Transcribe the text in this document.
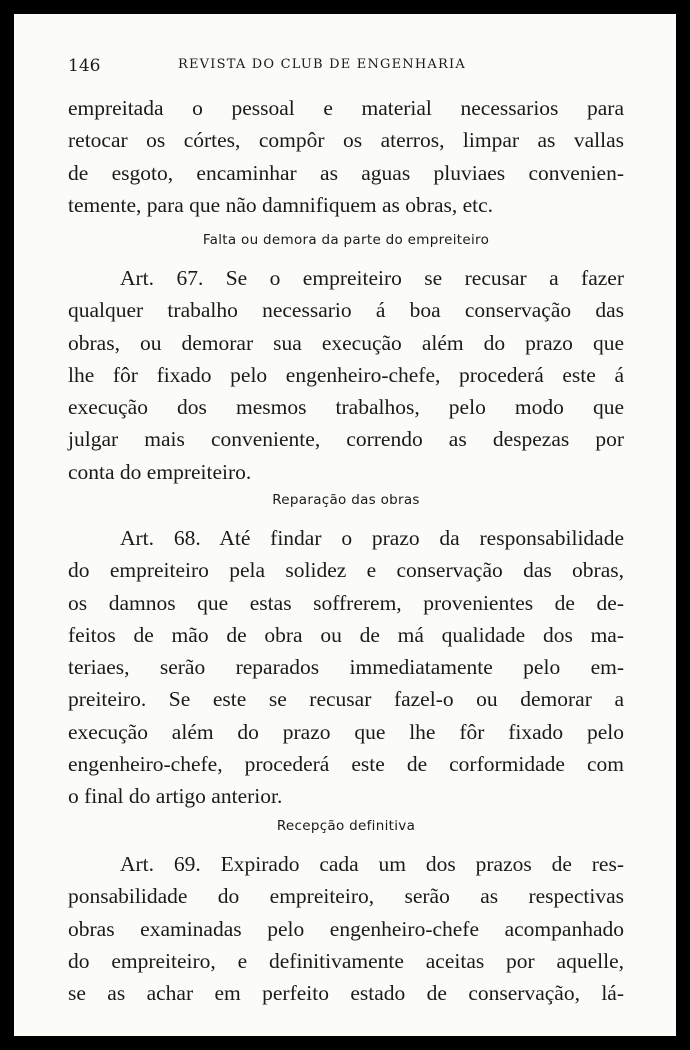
146	REVISTA DO CLUB DE ENGENHARIA
empreitada o pessoal e material necessarios para
retocar os córtes, compôr os aterros, limpar as vallas
de esgoto, encaminhar as aguas pluviaes convenien-
temente, para que não damnifiquem as obras, etc.
Falta ou demora da parte do empreiteiro
Art. 67. Se o empreiteiro se recusar a fazer
qualquer trabalho necessario á boa conservação das
obras, ou demorar sua execução além do prazo que
lhe fôr fixado pelo engenheiro-chefe, procederá este á
execução dos mesmos trabalhos, pelo modo que
julgar mais conveniente, correndo as despezas por
conta do empreiteiro.
Reparação das obras
Art. 68. Até findar o prazo da responsabilidade
do empreiteiro pela solidez e conservação das obras,
os damnos que estas soffrerem, provenientes de de-
feitos de mão de obra ou de má qualidade dos ma-
teriaes, serão reparados immediatamente pelo em-
preiteiro. Se este se recusar fazel-o ou demorar a
execução além do prazo que lhe fôr fixado pelo
engenheiro-chefe, procederá este de corformidade com
o final do artigo anterior.
Recepção definitiva
Art. 69. Expirado cada um dos prazos de res-
ponsabilidade do empreiteiro, serão as respectivas
obras examinadas pelo engenheiro-chefe acompanhado
do empreiteiro, e definitivamente aceitas por aquelle,
se as achar em perfeito estado de conservação, lá-
